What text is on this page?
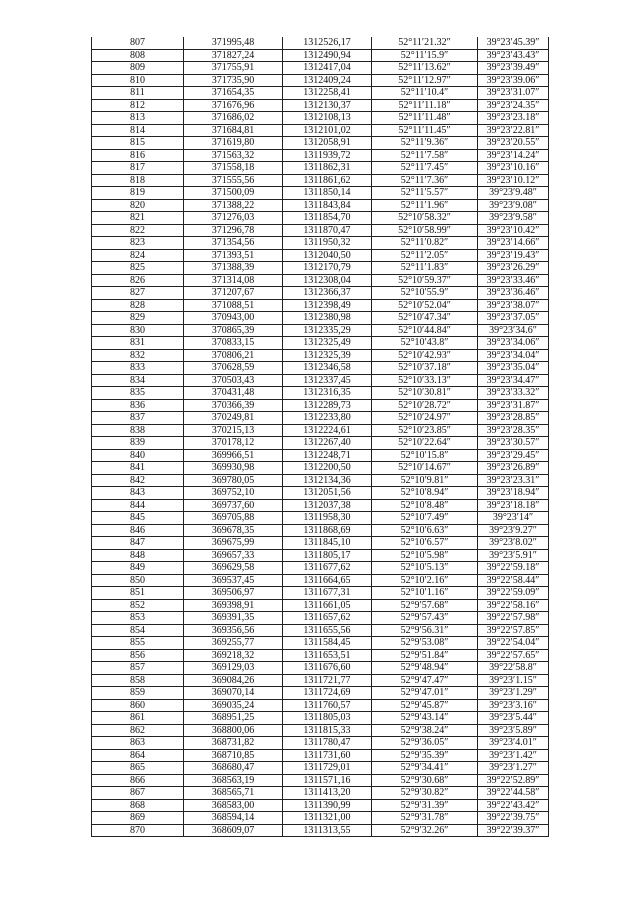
807	371995,48	1312526,17	52°11′21.32″	39°23′45.39″
808	371827,24	1312490,94	52°11′15.9″	39°23′43.43″
809	371755,91	1312417,04	52°11′13.62″	39°23′39.49″
810	371735,90	1312409,24	52°11′12.97″	39°23′39.06″
811	371654,35	1312258,41	52°11′10.4″	39°23′31.07″
812	371676,96	1312130,37	52°11′11.18″	39°23′24.35″
813	371686,02	1312108,13	52°11′11.48″	39°23′23.18″
814	371684,81	1312101,02	52°11′11.45″	39°23′22.81″
815	371619,80	1312058,91	52°11′9.36″	39°23′20.55″
816	371563,32	1311939,72	52°11′7.58″	39°23′14.24″
817	371558,18	1311862,31	52°11′7.45″	39°23′10.16″
818	371555,56	1311861,62	52°11′7.36″	39°23′10.12″
819	371500,09	1311850,14	52°11′5.57″	39°23′9.48″
820	371388,22	1311843,84	52°11′1.96″	39°23′9.08″
821	371276,03	1311854,70	52°10′58.32″	39°23′9.58″
822	371296,78	1311870,47	52°10′58.99″	39°23′10.42″
823	371354,56	1311950,32	52°11′0.82″	39°23′14.66″
824	371393,51	1312040,50	52°11′2.05″	39°23′19.43″
825	371388,39	1312170,79	52°11′1.83″	39°23′26.29″
826	371314,08	1312308,04	52°10′59.37″	39°23′33.46″
827	371207,67	1312366,37	52°10′55.9″	39°23′36.46″
828	371088,51	1312398,49	52°10′52.04″	39°23′38.07″
829	370943,00	1312380,98	52°10′47.34″	39°23′37.05″
830	370865,39	1312335,29	52°10′44.84″	39°23′34.6″
831	370833,15	1312325,49	52°10′43.8″	39°23′34.06″
832	370806,21	1312325,39	52°10′42.93″	39°23′34.04″
833	370628,59	1312346,58	52°10′37.18″	39°23′35.04″
834	370503,43	1312337,45	52°10′33.13″	39°23′34.47″
835	370431,48	1312316,35	52°10′30.81″	39°23′33.32″
836	370366,39	1312289,73	52°10′28.72″	39°23′31.87″
837	370249,81	1312233,80	52°10′24.97″	39°23′28.85″
838	370215,13	1312224,61	52°10′23.85″	39°23′28.35″
839	370178,12	1312267,40	52°10′22.64″	39°23′30.57″
840	369966,51	1312248,71	52°10′15.8″	39°23′29.45″
841	369930,98	1312200,50	52°10′14.67″	39°23′26.89″
842	369780,05	1312134,36	52°10′9.81″	39°23′23.31″
843	369752,10	1312051,56	52°10′8.94″	39°23′18.94″
844	369737,60	1312037,38	52°10′8.48″	39°23′18.18″
845	369705,88	1311958,30	52°10′7.49″	39°23′14″
846	369678,35	1311868,69	52°10′6.63″	39°23′9.27″
847	369675,99	1311845,10	52°10′6.57″	39°23′8.02″
848	369657,33	1311805,17	52°10′5.98″	39°23′5.91″
849	369629,58	1311677,62	52°10′5.13″	39°22′59.18″
850	369537,45	1311664,65	52°10′2.16″	39°22′58.44″
851	369506,97	1311677,31	52°10′1.16″	39°22′59.09″
852	369398,91	1311661,05	52°9′57.68″	39°22′58.16″
853	369391,35	1311657,62	52°9′57.43″	39°22′57.98″
854	369356,56	1311655,56	52°9′56.31″	39°22′57.85″
855	369255,77	1311584,45	52°9′53.08″	39°22′54.04″
856	369218,32	1311653,51	52°9′51.84″	39°22′57.65″
857	369129,03	1311676,60	52°9′48.94″	39°22′58.8″
858	369084,26	1311721,77	52°9′47.47″	39°23′1.15″
859	369070,14	1311724,69	52°9′47.01″	39°23′1.29″
860	369035,24	1311760,57	52°9′45.87″	39°23′3.16″
861	368951,25	1311805,03	52°9′43.14″	39°23′5.44″
862	368800,06	1311815,33	52°9′38.24″	39°23′5.89″
863	368731,82	1311780,47	52°9′36.05″	39°23′4.01″
864	368710,85	1311731,60	52°9′35.39″	39°23′1.42″
865	368680,47	1311729,01	52°9′34.41″	39°23′1.27″
866	368563,19	1311571,16	52°9′30.68″	39°22′52.89″
867	368565,71	1311413,20	52°9′30.82″	39°22′44.58″
868	368583,00	1311390,99	52°9′31.39″	39°22′43.42″
869	368594,14	1311321,00	52°9′31.78″	39°22′39.75″
870	368609,07	1311313,55	52°9′32.26″	39°22′39.37″
